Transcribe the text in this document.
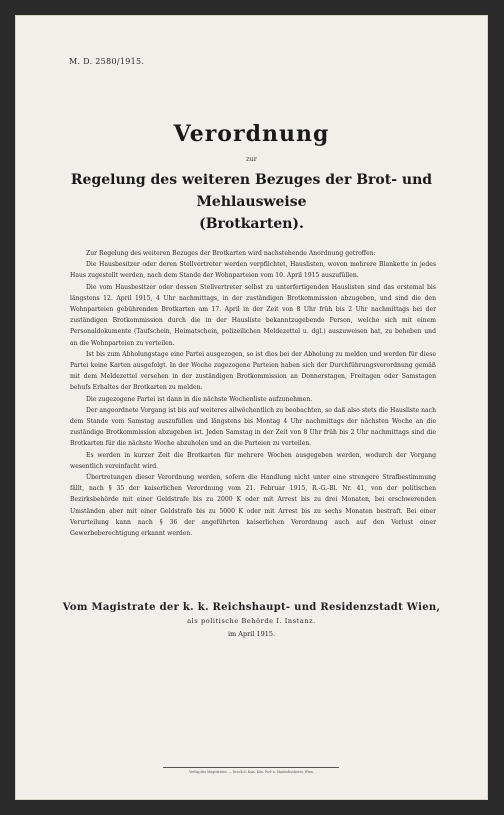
M. D. 2580/1915.
Verordnung
zur
Regelung des weiteren Bezuges der Brot- und Mehlausweise
(Brotkarten).

Zur Regelung des weiteren Bezuges der Brotkarten wird nachstehende Anordnung getroffen:

Die Hausbesitzer oder deren Stellvertreter werden verpflichtet, Hauslisten, wovon mehrere Blankette in jedes Haus zugestellt werden, nach dem Stande der Wohnparteien vom 10. April 1915 auszufüllen.

Die vom Hausbesitzer oder dessen Stellvertreter selbst zu unterfertigenden Hauslisten sind das erstemal bis längstens 12. April 1915, 4 Uhr nachmittags, in der zuständigen Brotkommission abzugeben, und sind die den Wohnparteien gebührenden Brotkarten am 17. April in der Zeit von 8 Uhr früh bis 2 Uhr nachmittags bei der zuständigen Brotkommission durch die in der Hausliste bekanntzugebende Person, welche sich mit einem Personaldokumente (Taufschein, Heimatschein, polizeilichen Meldezettel u. dgl.) auszuweisen hat, zu beheben und an die Wohnparteien zu verteilen.

Ist bis zum Abholungstage eine Partei ausgezogen, so ist dies bei der Abholung zu melden und werden für diese Partei keine Karten ausgefolgt. In der Woche zugezogene Parteien haben sich der Durchführungsverordnung gemäß mit dem Meldezettel versehen in der zuständigen Brotkommission an Donnerstagen, Freitagen oder Samstagen behufs Erhaltes der Brotkarten zu melden.

Die zugezogene Partei ist dann in die nächste Wochenliste aufzunehmen.

Der angeordnete Vorgang ist bis auf weiteres allwöchentlich zu beobachten, so daß also stets die Hausliste nach dem Stande vom Samstag auszufüllen und längstens bis Montag 4 Uhr nachmittags der nächsten Woche an die zuständige Brotkommission abzugeben ist. Jeden Samstag in der Zeit von 8 Uhr früh bis 2 Uhr nachmittags sind die Brotkarten für die nächste Woche abzuholen und an die Parteien zu verteilen.

Es werden in kurzer Zeit die Brotkarten für mehrere Wochen ausgegeben werden, wodurch der Vorgang wesentlich vereinfacht wird.

Übertretungen dieser Verordnung werden, sofern die Handlung nicht unter eine strengere Strafbestimmung fällt, nach § 35 der kaiserlichen Verordnung vom 21. Februar 1915, R.-G.-Bl. Nr. 41, von der politischen Bezirksbehörde mit einer Geldstrafe bis zu 2000 K oder mit Arrest bis zu drei Monaten, bei erschwerenden Umständen aber mit einer Geldstrafe bis zu 5000 K oder mit Arrest bis zu sechs Monaten bestraft. Bei einer Verurteilung kann nach § 36 der angeführten kaiserlichen Verordnung auch auf den Verlust einer Gewerbeberechtigung erkannt werden.

Vom Magistrate der k. k. Reichshaupt- und Residenzstadt Wien,
als politische Behörde I. Instanz.
im April 1915.
Verlag des Magistrates. — Druck d. Kais. Kön. Hof- u. Staatsdruckerei, Wien.
